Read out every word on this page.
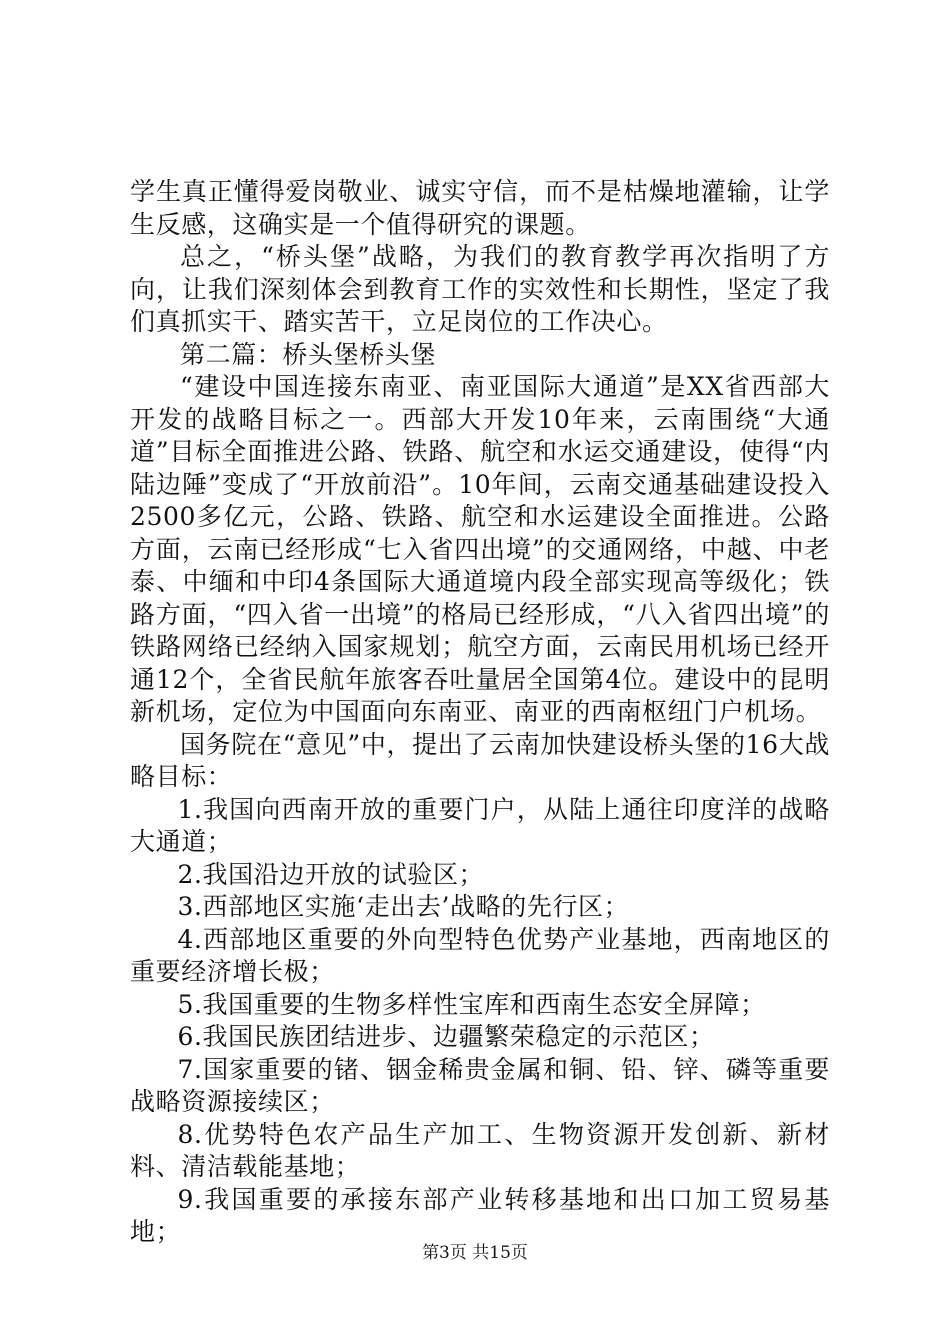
学生真正懂得爱岗敬业、诚实守信，而不是枯燥地灌输，让学生反感，这确实是一个值得研究的课题。

总之，“桥头堡”战略，为我们的教育教学再次指明了方向，让我们深刻体会到教育工作的实效性和长期性，坚定了我们真抓实干、踏实苦干，立足岗位的工作决心。

第二篇：桥头堡桥头堡

“建设中国连接东南亚、南亚国际大通道”是XX省西部大开发的战略目标之一。西部大开发10年来，云南围绕“大通道”目标全面推进公路、铁路、航空和水运交通建设，使得“内陆边陲”变成了“开放前沿”。10年间，云南交通基础建设投入2500多亿元，公路、铁路、航空和水运建设全面推进。公路方面，云南已经形成“七入省四出境”的交通网络，中越、中老泰、中缅和中印4条国际大通道境内段全部实现高等级化；铁路方面，“四入省一出境”的格局已经形成，“八入省四出境”的铁路网络已经纳入国家规划；航空方面，云南民用机场已经开通12个，全省民航年旅客吞吐量居全国第4位。建设中的昆明新机场，定位为中国面向东南亚、南亚的西南枢纽门户机场。

国务院在“意见”中，提出了云南加快建设桥头堡的16大战略目标：

1.我国向西南开放的重要门户，从陆上通往印度洋的战略大通道；

2.我国沿边开放的试验区；

3.西部地区实施‘走出去’战略的先行区；

4.西部地区重要的外向型特色优势产业基地，西南地区的重要经济增长极；

5.我国重要的生物多样性宝库和西南生态安全屏障；

6.我国民族团结进步、边疆繁荣稳定的示范区；

7.国家重要的锗、铟金稀贵金属和铜、铅、锌、磷等重要战略资源接续区；

8.优势特色农产品生产加工、生物资源开发创新、新材料、清洁载能基地；

9.我国重要的承接东部产业转移基地和出口加工贸易基地；

第3页 共15页
